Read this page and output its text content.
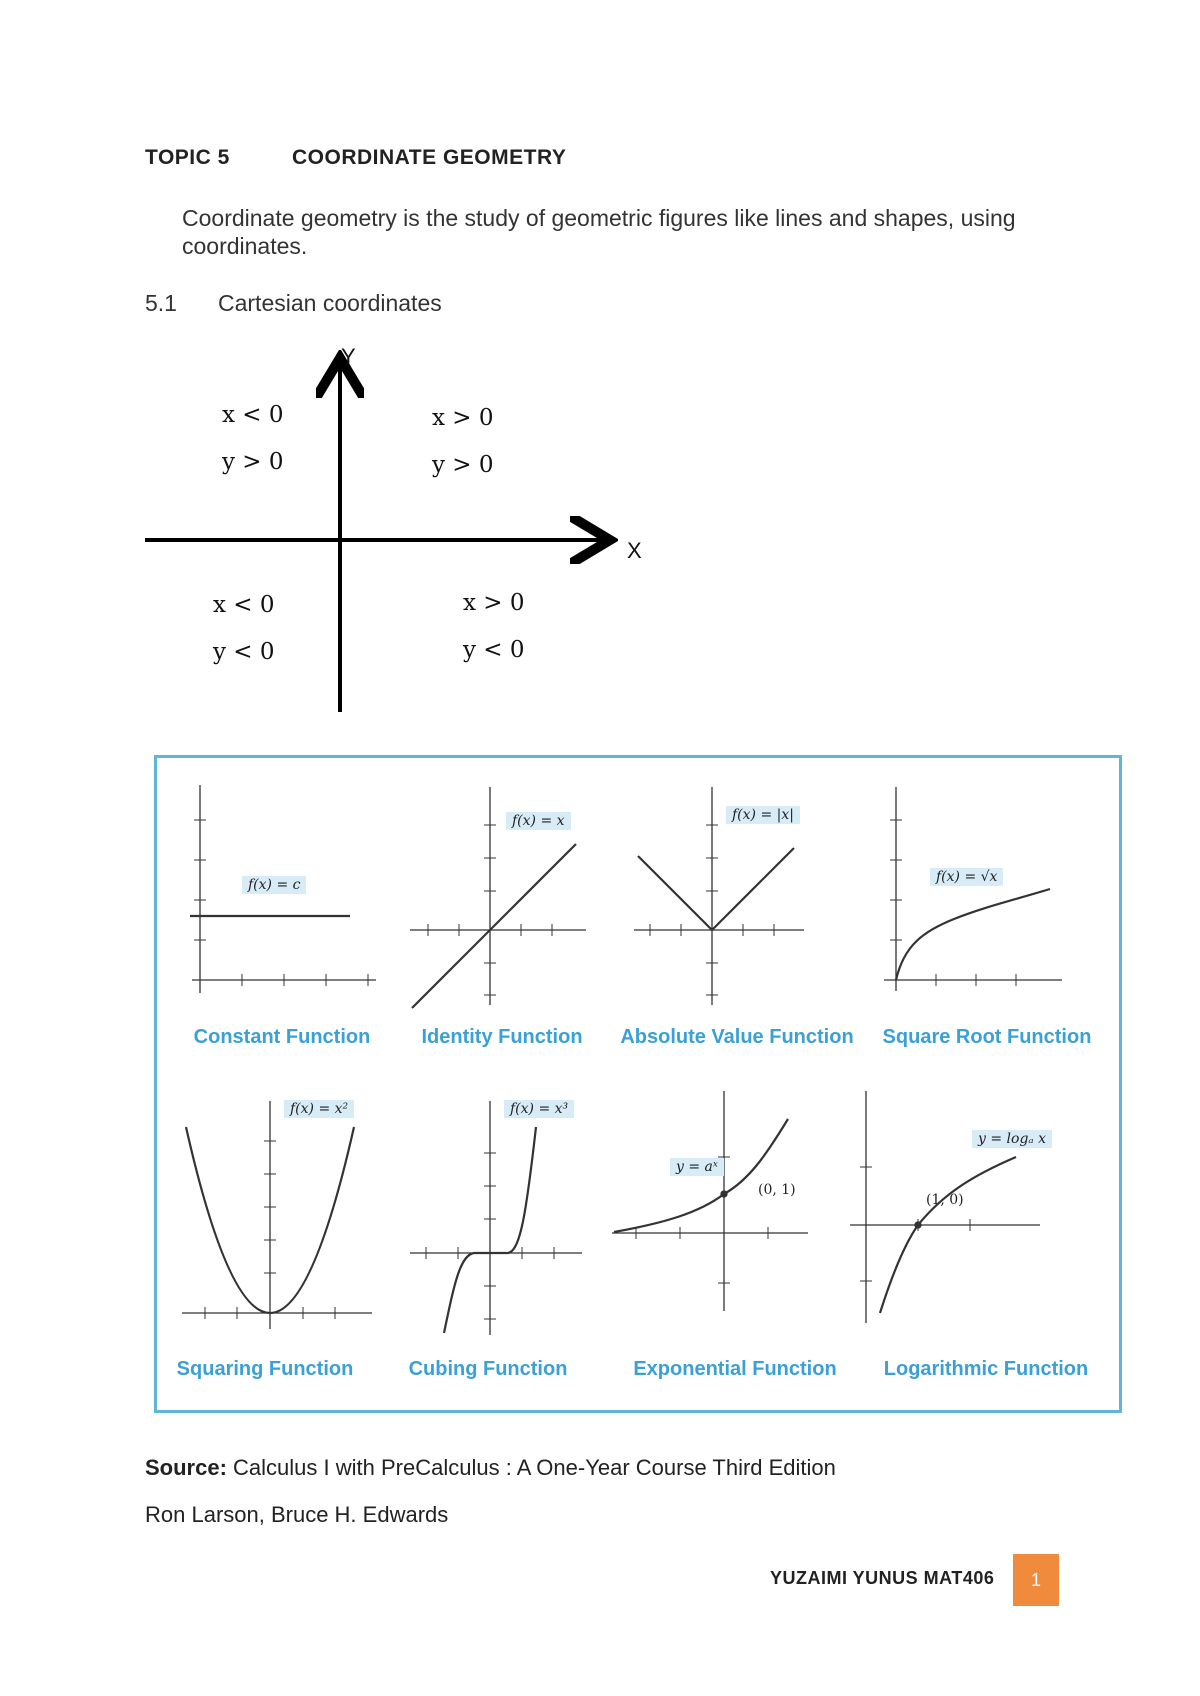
TOPIC 5	COORDINATE GEOMETRY
Coordinate geometry is the study of geometric figures like lines and shapes, using coordinates.
5.1 Cartesian coordinates
Y
X
x < 0
y > 0
x > 0
y > 0
x < 0
y < 0
x > 0
y < 0
f(x) = c
f(x) = x	f(x) = |x|
f(x) = √x
f(x) = x²	f(x) = x³
y = aˣ
y = logₐ x
(0, 1)
(1, 0)
Constant Function	Identity Function	Absolute Value Function	Square Root Function
Squaring Function	Cubing Function	Exponential Function	Logarithmic Function
Source: Calculus I with PreCalculus : A One-Year Course Third Edition
Ron Larson, Bruce H. Edwards
YUZAIMI YUNUS MAT406	1
